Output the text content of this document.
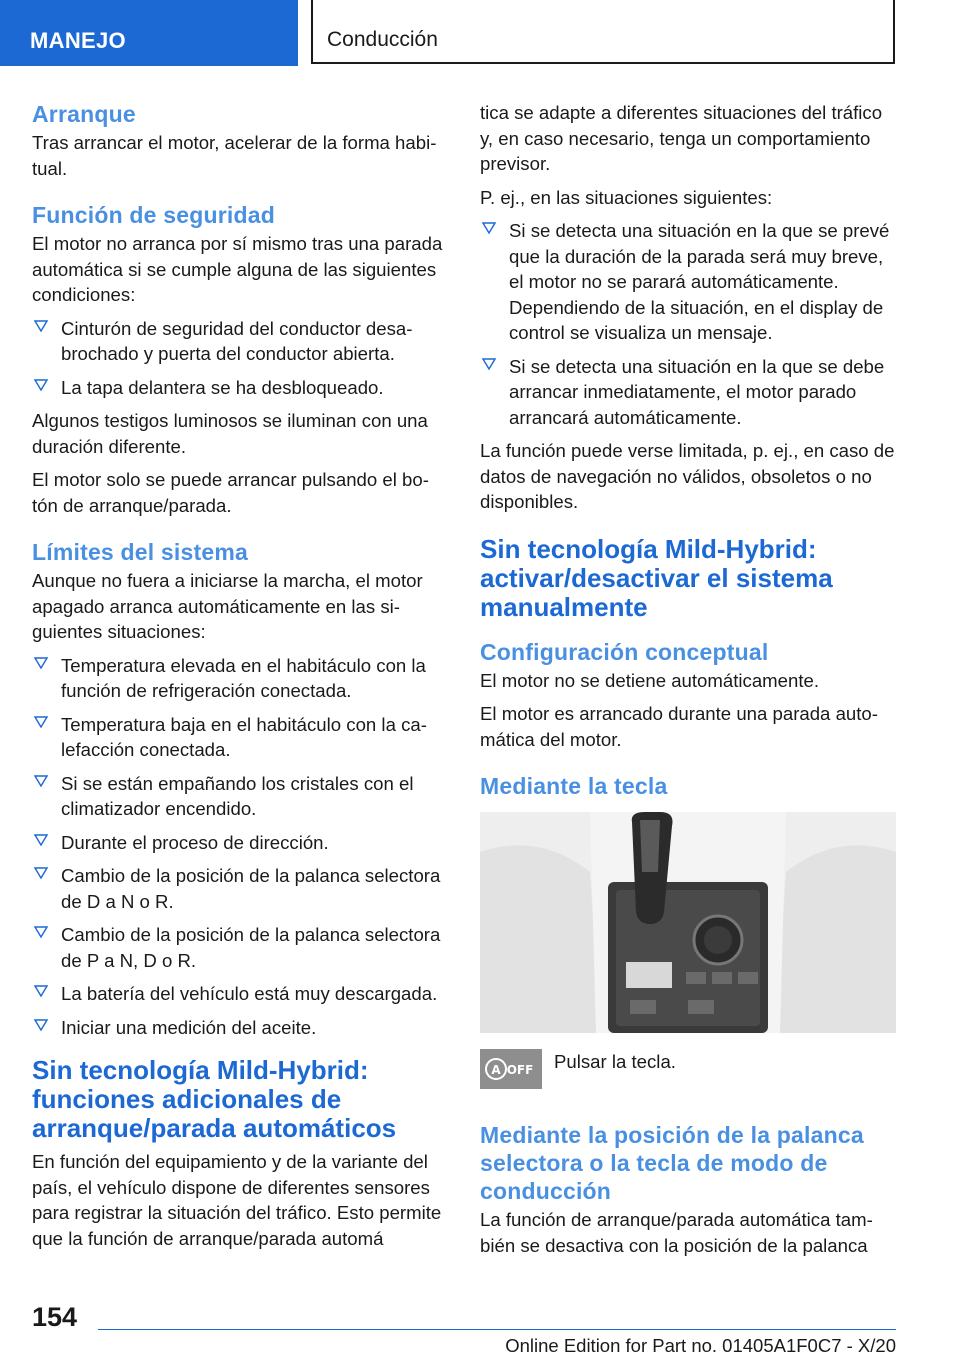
MANEJO	Conducción
Arranque

Tras arrancar el motor, acelerar de la forma habitual.

Función de seguridad

El motor no arranca por sí mismo tras una parada automática si se cumple alguna de las siguientes condiciones:

Cinturón de seguridad del conductor desabrochado y puerta del conductor abierta.
La tapa delantera se ha desbloqueado.

Algunos testigos luminosos se iluminan con una duración diferente.

El motor solo se puede arrancar pulsando el botón de arranque/parada.

Límites del sistema

Aunque no fuera a iniciarse la marcha, el motor apagado arranca automáticamente en las siguientes situaciones:

Temperatura elevada en el habitáculo con la función de refrigeración conectada.
Temperatura baja en el habitáculo con la calefacción conectada.
Si se están empañando los cristales con el climatizador encendido.
Durante el proceso de dirección.
Cambio de la posición de la palanca selectora de D a N o R.
Cambio de la posición de la palanca selectora de P a N, D o R.
La batería del vehículo está muy descargada.
Iniciar una medición del aceite.
Sin tecnología Mild-Hybrid: funciones adicionales de arranque/parada automáticos

En función del equipamiento y de la variante del país, el vehículo dispone de diferentes sensores para registrar la situación del tráfico. Esto permite que la función de arranque/parada automá

tica se adapte a diferentes situaciones del tráfico y, en caso necesario, tenga un comportamiento previsor.

P. ej., en las situaciones siguientes:

Si se detecta una situación en la que se prevé que la duración de la parada será muy breve, el motor no se parará automáticamente. Dependiendo de la situación, en el display de control se visualiza un mensaje.
Si se detecta una situación en la que se debe arrancar inmediatamente, el motor parado arrancará automáticamente.

La función puede verse limitada, p. ej., en caso de datos de navegación no válidos, obsoletos o no disponibles.

Sin tecnología Mild-Hybrid: activar/desactivar el sistema manualmente
Configuración conceptual

El motor no se detiene automáticamente.

El motor es arrancado durante una parada automática del motor.

Mediante la tecla
A OFF Pulsar la tecla.
Mediante la posición de la palanca selectora o la tecla de modo de conducción

La función de arranque/parada automática también se desactiva con la posición de la palanca

154
Online Edition for Part no. 01405A1F0C7 - X/20
